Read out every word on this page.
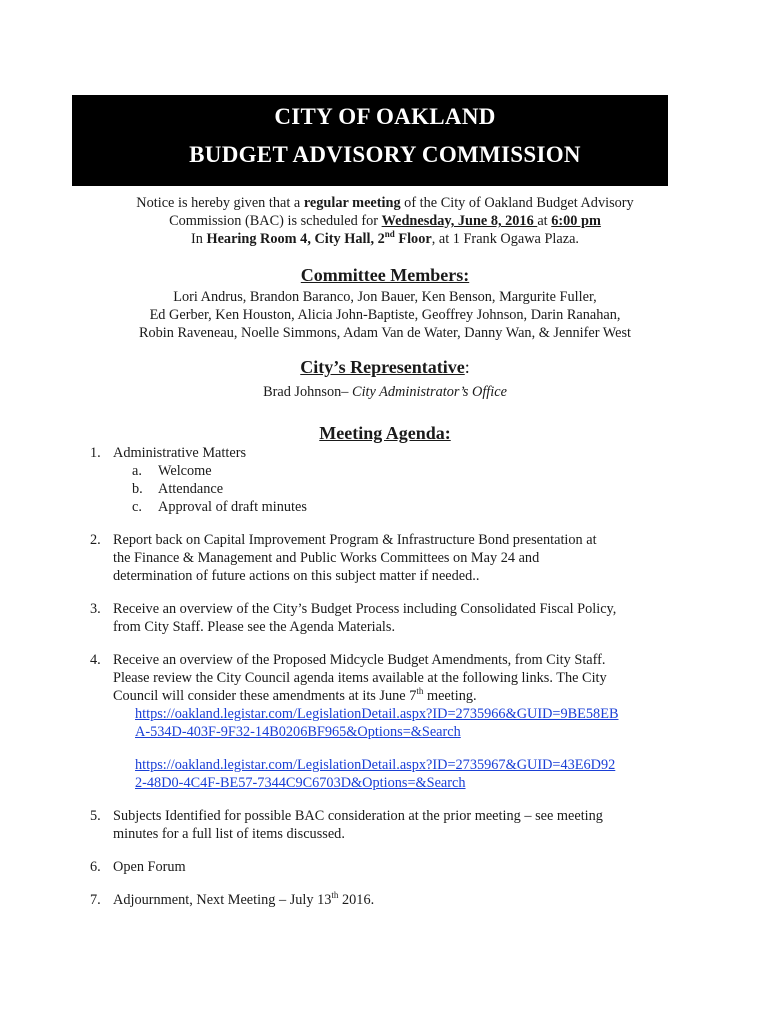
CITY OF OAKLAND
BUDGET ADVISORY COMMISSION
Notice is hereby given that a regular meeting of the City of Oakland Budget Advisory
Commission (BAC) is scheduled for Wednesday, June 8, 2016 at 6:00 pm
In Hearing Room 4, City Hall, 2nd Floor, at 1 Frank Ogawa Plaza.
Committee Members:
Lori Andrus, Brandon Baranco, Jon Bauer, Ken Benson, Margurite Fuller,
Ed Gerber, Ken Houston, Alicia John-Baptiste, Geoffrey Johnson, Darin Ranahan,
Robin Raveneau, Noelle Simmons, Adam Van de Water, Danny Wan, & Jennifer West
City’s Representative:
Brad Johnson– City Administrator’s Office
Meeting Agenda:
1. Administrative Matters
a. Welcome
b. Attendance
c. Approval of draft minutes
2. Report back on Capital Improvement Program & Infrastructure Bond presentation at
the Finance & Management and Public Works Committees on May 24 and
determination of future actions on this subject matter if needed..
3. Receive an overview of the City’s Budget Process including Consolidated Fiscal Policy,
from City Staff. Please see the Agenda Materials.
4. Receive an overview of the Proposed Midcycle Budget Amendments, from City Staff.
Please review the City Council agenda items available at the following links. The City
Council will consider these amendments at its June 7th meeting.
https://oakland.legistar.com/LegislationDetail.aspx?ID=2735966&GUID=9BE58EB
A-534D-403F-9F32-14B0206BF965&Options=&Search
https://oakland.legistar.com/LegislationDetail.aspx?ID=2735967&GUID=43E6D92
2-48D0-4C4F-BE57-7344C9C6703D&Options=&Search
5. Subjects Identified for possible BAC consideration at the prior meeting – see meeting
minutes for a full list of items discussed.
6. Open Forum
7. Adjournment, Next Meeting – July 13th 2016.
